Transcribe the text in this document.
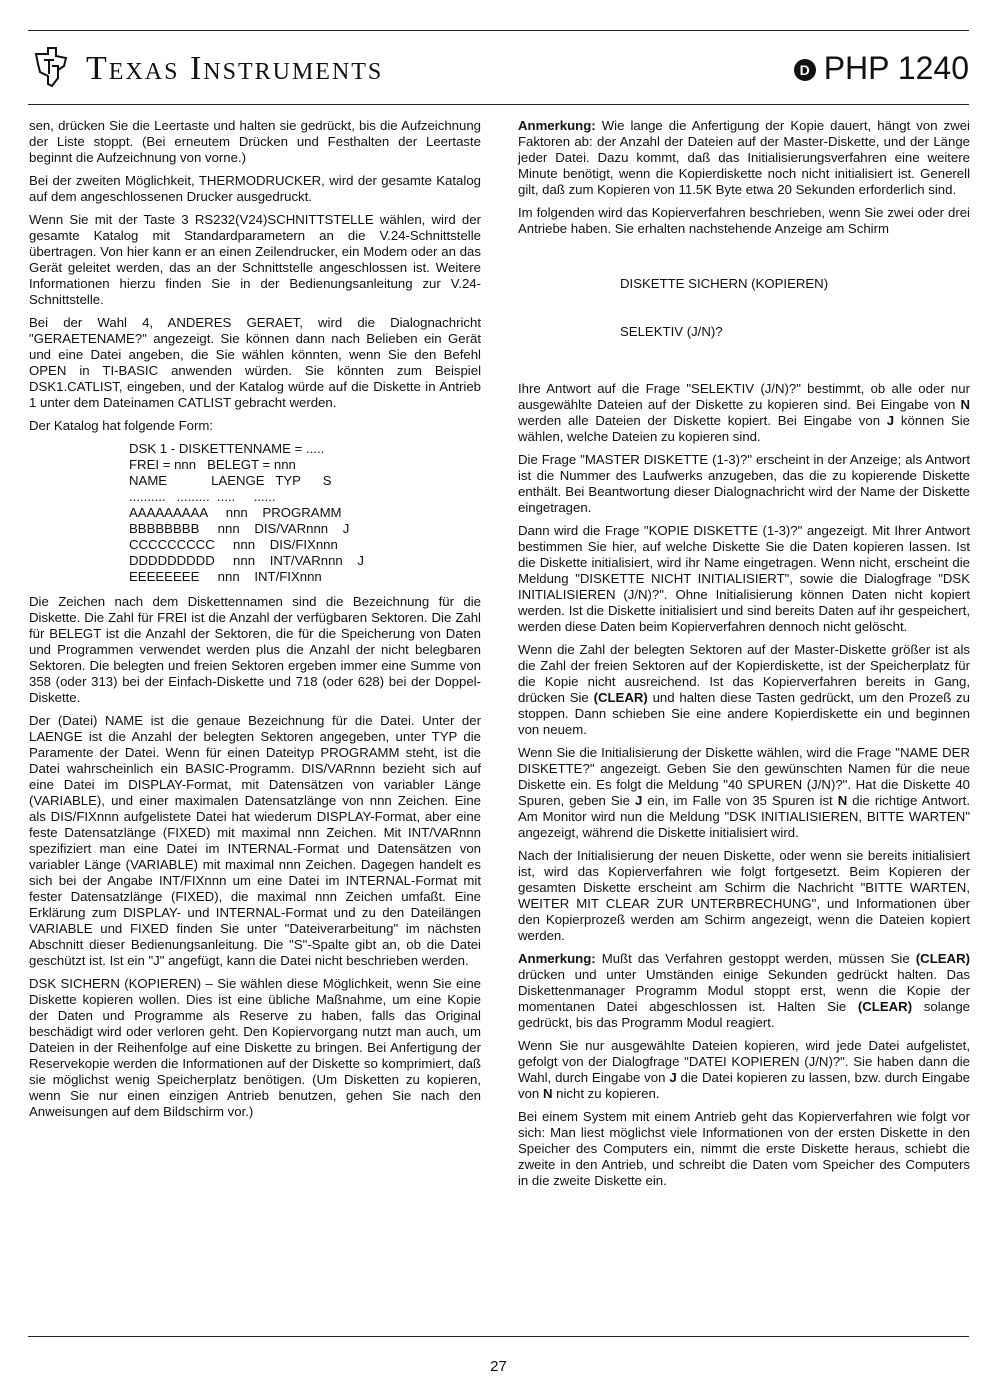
Texas Instruments	D PHP 1240

sen, drücken Sie die Leertaste und halten sie gedrückt, bis die Aufzeichnung der Liste stoppt. (Bei erneutem Drücken und Festhalten der Leertaste beginnt die Aufzeichnung von vorne.)

Bei der zweiten Möglichkeit, THERMODRUCKER, wird der gesamte Katalog auf dem angeschlossenen Drucker ausgedruckt.

Wenn Sie mit der Taste 3 RS232(V24)SCHNITTSTELLE wählen, wird der gesamte Katalog mit Standardparametern an die V.24-Schnittstelle übertragen. Von hier kann er an einen Zeilendrucker, ein Modem oder an das Gerät geleitet werden, das an der Schnittstelle angeschlossen ist. Weitere Informationen hierzu finden Sie in der Bedienungsanleitung zur V.24-Schnittstelle.

Bei der Wahl 4, ANDERES GERAET, wird die Dialognachricht "GERAETENAME?" angezeigt. Sie können dann nach Belieben ein Gerät und eine Datei angeben, die Sie wählen könnten, wenn Sie den Befehl OPEN in TI-BASIC anwenden würden. Sie könnten zum Beispiel DSK1.CATLIST, eingeben, und der Katalog würde auf die Diskette in Antrieb 1 unter dem Dateinamen CATLIST gebracht werden.

Der Katalog hat folgende Form:

DSK 1 - DISKETTENNAME = .....
FREI = nnn   BELEGT = nnn
NAME            LAENGE   TYP      S
..........   .........  .....     ......
AAAAAAAAA     nnn    PROGRAMM
BBBBBBBB     nnn    DIS/VARnnn    J
CCCCCCCCC     nnn    DIS/FIXnnn
DDDDDDDDD     nnn    INT/VARnnn    J
EEEEEEEE     nnn    INT/FIXnnn

Die Zeichen nach dem Diskettennamen sind die Bezeichnung für die Diskette. Die Zahl für FREI ist die Anzahl der verfügbaren Sektoren. Die Zahl für BELEGT ist die Anzahl der Sektoren, die für die Speicherung von Daten und Programmen verwendet werden plus die Anzahl der nicht belegbaren Sektoren. Die belegten und freien Sektoren ergeben immer eine Summe von 358 (oder 313) bei der Einfach-Diskette und 718 (oder 628) bei der Doppel-Diskette.

Der (Datei) NAME ist die genaue Bezeichnung für die Datei. Unter der LAENGE ist die Anzahl der belegten Sektoren angegeben, unter TYP die Paramente der Datei. Wenn für einen Dateityp PROGRAMM steht, ist die Datei wahrscheinlich ein BASIC-Programm. DIS/VARnnn bezieht sich auf eine Datei im DISPLAY-Format, mit Datensätzen von variabler Länge (VARIABLE), und einer maximalen Datensatzlänge von nnn Zeichen. Eine als DIS/FIXnnn aufgelistete Datei hat wiederum DISPLAY-Format, aber eine feste Datensatzlänge (FIXED) mit maximal nnn Zeichen. Mit INT/VARnnn spezifiziert man eine Datei im INTERNAL-Format und Datensätzen von variabler Länge (VARIABLE) mit maximal nnn Zeichen. Dagegen handelt es sich bei der Angabe INT/FIXnnn um eine Datei im INTERNAL-Format mit fester Datensatzlänge (FIXED), die maximal nnn Zeichen umfaßt. Eine Erklärung zum DISPLAY- und INTERNAL-Format und zu den Dateilängen VARIABLE und FIXED finden Sie unter "Dateiverarbeitung" im nächsten Abschnitt dieser Bedienungsanleitung. Die "S"-Spalte gibt an, ob die Datei geschützt ist. Ist ein "J" angefügt, kann die Datei nicht beschrieben werden.

DSK SICHERN (KOPIEREN) – Sie wählen diese Möglichkeit, wenn Sie eine Diskette kopieren wollen. Dies ist eine übliche Maßnahme, um eine Kopie der Daten und Programme als Reserve zu haben, falls das Original beschädigt wird oder verloren geht. Den Kopiervorgang nutzt man auch, um Dateien in der Reihenfolge auf eine Diskette zu bringen. Bei Anfertigung der Reservekopie werden die Informationen auf der Diskette so komprimiert, daß sie möglichst wenig Speicherplatz benötigen. (Um Disketten zu kopieren, wenn Sie nur einen einzigen Antrieb benutzen, gehen Sie nach den Anweisungen auf dem Bildschirm vor.)

Anmerkung: Wie lange die Anfertigung der Kopie dauert, hängt von zwei Faktoren ab: der Anzahl der Dateien auf der Master-Diskette, und der Länge jeder Datei. Dazu kommt, daß das Initialisierungsverfahren eine weitere Minute benötigt, wenn die Kopierdiskette noch nicht initialisiert ist. Generell gilt, daß zum Kopieren von 11.5K Byte etwa 20 Sekunden erforderlich sind.

Im folgenden wird das Kopierverfahren beschrieben, wenn Sie zwei oder drei Antriebe haben. Sie erhalten nachstehende Anzeige am Schirm

DISKETTE SICHERN (KOPIEREN)

SELEKTIV (J/N)?

Ihre Antwort auf die Frage "SELEKTIV (J/N)?" bestimmt, ob alle oder nur ausgewählte Dateien auf der Diskette zu kopieren sind. Bei Eingabe von N werden alle Dateien der Diskette kopiert. Bei Eingabe von J können Sie wählen, welche Dateien zu kopieren sind.

Die Frage "MASTER DISKETTE (1-3)?" erscheint in der Anzeige; als Antwort ist die Nummer des Laufwerks anzugeben, das die zu kopierende Diskette enthält. Bei Beantwortung dieser Dialognachricht wird der Name der Diskette eingetragen.

Dann wird die Frage "KOPIE DISKETTE (1-3)?" angezeigt. Mit Ihrer Antwort bestimmen Sie hier, auf welche Diskette Sie die Daten kopieren lassen. Ist die Diskette initialisiert, wird ihr Name eingetragen. Wenn nicht, erscheint die Meldung "DISKETTE NICHT INITIALISIERT", sowie die Dialogfrage "DSK INITIALISIEREN (J/N)?". Ohne Initialisierung können Daten nicht kopiert werden. Ist die Diskette initialisiert und sind bereits Daten auf ihr gespeichert, werden diese Daten beim Kopierverfahren dennoch nicht gelöscht.

Wenn die Zahl der belegten Sektoren auf der Master-Diskette größer ist als die Zahl der freien Sektoren auf der Kopierdiskette, ist der Speicherplatz für die Kopie nicht ausreichend. Ist das Kopierverfahren bereits in Gang, drücken Sie (CLEAR) und halten diese Tasten gedrückt, um den Prozeß zu stoppen. Dann schieben Sie eine andere Kopierdiskette ein und beginnen von neuem.

Wenn Sie die Initialisierung der Diskette wählen, wird die Frage "NAME DER DISKETTE?" angezeigt. Geben Sie den gewünschten Namen für die neue Diskette ein. Es folgt die Meldung "40 SPUREN (J/N)?". Hat die Diskette 40 Spuren, geben Sie J ein, im Falle von 35 Spuren ist N die richtige Antwort. Am Monitor wird nun die Meldung "DSK INITIALISIEREN, BITTE WARTEN" angezeigt, während die Diskette initialisiert wird.

Nach der Initialisierung der neuen Diskette, oder wenn sie bereits initialisiert ist, wird das Kopierverfahren wie folgt fortgesetzt. Beim Kopieren der gesamten Diskette erscheint am Schirm die Nachricht "BITTE WARTEN, WEITER MIT CLEAR ZUR UNTERBRECHUNG", und Informationen über den Kopierprozeß werden am Schirm angezeigt, wenn die Dateien kopiert werden.

Anmerkung: Mußt das Verfahren gestoppt werden, müssen Sie (CLEAR) drücken und unter Umständen einige Sekunden gedrückt halten. Das Diskettenmanager Programm Modul stoppt erst, wenn die Kopie der momentanen Datei abgeschlossen ist. Halten Sie (CLEAR) solange gedrückt, bis das Programm Modul reagiert.

Wenn Sie nur ausgewählte Dateien kopieren, wird jede Datei aufgelistet, gefolgt von der Dialogfrage "DATEI KOPIEREN (J/N)?". Sie haben dann die Wahl, durch Eingabe von J die Datei kopieren zu lassen, bzw. durch Eingabe von N nicht zu kopieren.

Bei einem System mit einem Antrieb geht das Kopierverfahren wie folgt vor sich: Man liest möglichst viele Informationen von der ersten Diskette in den Speicher des Computers ein, nimmt die erste Diskette heraus, schiebt die zweite in den Antrieb, und schreibt die Daten vom Speicher des Computers in die zweite Diskette ein.

27
